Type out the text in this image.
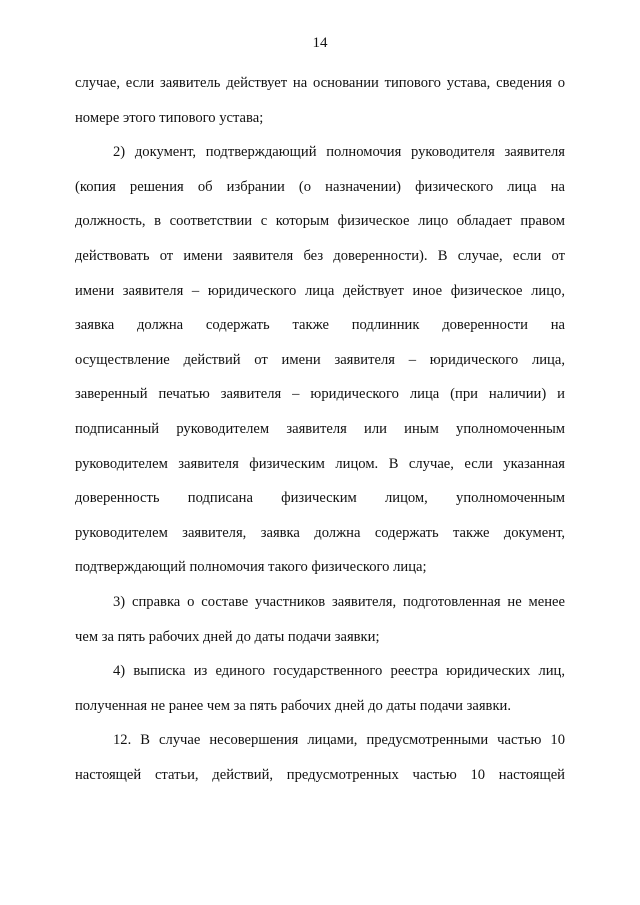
14
случае, если заявитель действует на основании типового устава, сведения о
номере этого типового устава;
2) документ, подтверждающий полномочия руководителя заявителя
(копия решения об избрании (о назначении) физического лица на
должность, в соответствии с которым физическое лицо обладает правом
действовать от имени заявителя без доверенности). В случае, если от
имени заявителя – юридического лица действует иное физическое лицо,
заявка должна содержать также подлинник доверенности на
осуществление действий от имени заявителя – юридического лица,
заверенный печатью заявителя – юридического лица (при наличии) и
подписанный руководителем заявителя или иным уполномоченным
руководителем заявителя физическим лицом. В случае, если указанная
доверенность подписана физическим лицом, уполномоченным
руководителем заявителя, заявка должна содержать также документ,
подтверждающий полномочия такого физического лица;
3) справка о составе участников заявителя, подготовленная не менее
чем за пять рабочих дней до даты подачи заявки;
4) выписка из единого государственного реестра юридических лиц,
полученная не ранее чем за пять рабочих дней до даты подачи заявки.
12. В случае несовершения лицами, предусмотренными частью 10
настоящей статьи, действий, предусмотренных частью 10 настоящей
